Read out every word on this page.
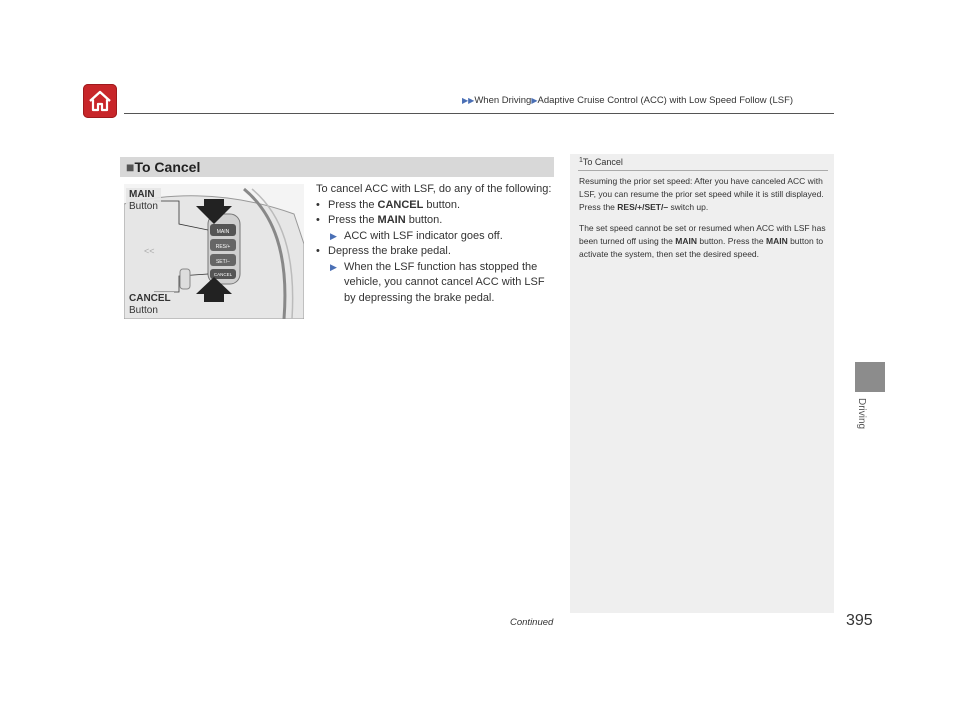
▶▶When Driving▶Adaptive Cruise Control (ACC) with Low Speed Follow (LSF)
Driving
■To Cancel
MAIN
RES/+
SET/−
CANCEL
<<
MAIN
Button
CANCEL
Button

To cancel ACC with LSF, do any of the following:

• Press the CANCEL button.

• Press the MAIN button.

▶ ACC with LSF indicator goes off.

• Depress the brake pedal.

▶ When the LSF function has stopped the vehicle, you cannot cancel ACC with LSF by depressing the brake pedal.

$^1$To Cancel

Resuming the prior set speed: After you have canceled ACC with LSF, you can resume the prior set speed while it is still displayed. Press the RES/+/SET/– switch up.

The set speed cannot be set or resumed when ACC with LSF has been turned off using the MAIN button. Press the MAIN button to activate the system, then set the desired speed.

Continued	395
